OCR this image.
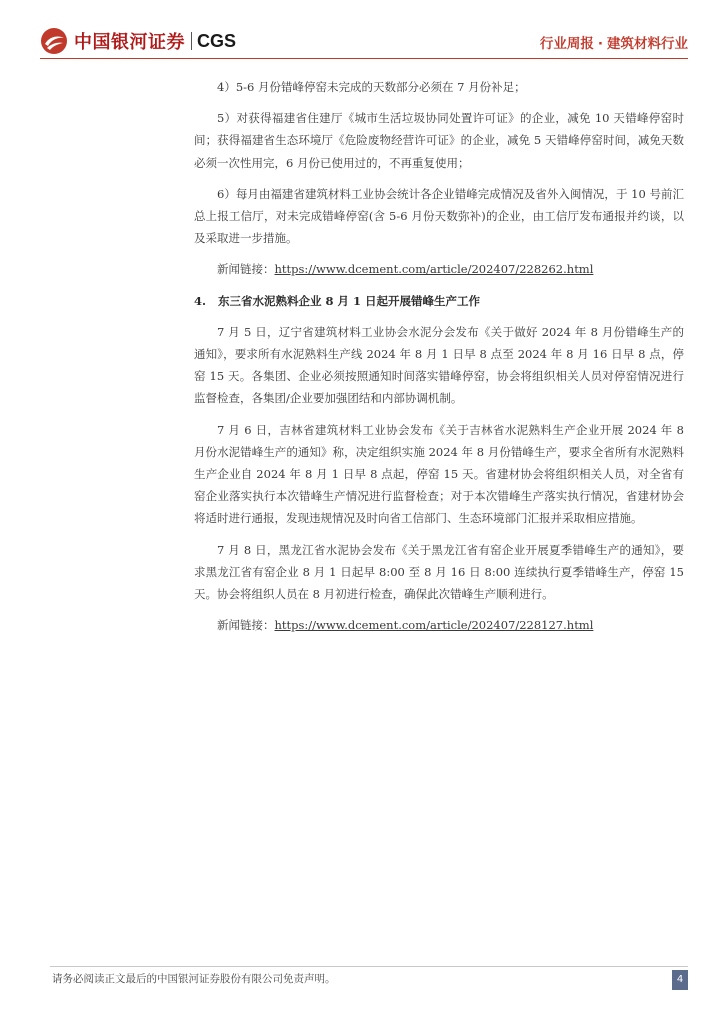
中国银河证券 CGS	行业周报 · 建筑材料行业

4）5-6 月份错峰停窑未完成的天数部分必须在 7 月份补足；

5）对获得福建省住建厅《城市生活垃圾协同处置许可证》的企业，减免 10 天错峰停窑时间；获得福建省生态环境厅《危险废物经营许可证》的企业，减免 5 天错峰停窑时间，减免天数必须一次性用完，6 月份已使用过的，不再重复使用；

6）每月由福建省建筑材料工业协会统计各企业错峰完成情况及省外入闽情况，于 10 号前汇总上报工信厅，对未完成错峰停窑(含 5-6 月份天数弥补)的企业，由工信厅发布通报并约谈，以及采取进一步措施。

新闻链接：https://www.dcement.com/article/202407/228262.html

4. 东三省水泥熟料企业 8 月 1 日起开展错峰生产工作

7 月 5 日，辽宁省建筑材料工业协会水泥分会发布《关于做好 2024 年 8 月份错峰生产的通知》，要求所有水泥熟料生产线 2024 年 8 月 1 日早 8 点至 2024 年 8 月 16 日早 8 点，停窑 15 天。各集团、企业必须按照通知时间落实错峰停窑，协会将组织相关人员对停窑情况进行监督检查，各集团/企业要加强团结和内部协调机制。

7 月 6 日，吉林省建筑材料工业协会发布《关于吉林省水泥熟料生产企业开展 2024 年 8 月份水泥错峰生产的通知》称，决定组织实施 2024 年 8 月份错峰生产，要求全省所有水泥熟料生产企业自 2024 年 8 月 1 日早 8 点起，停窑 15 天。省建材协会将组织相关人员，对全省有窑企业落实执行本次错峰生产情况进行监督检查；对于本次错峰生产落实执行情况，省建材协会将适时进行通报，发现违规情况及时向省工信部门、生态环境部门汇报并采取相应措施。

7 月 8 日，黑龙江省水泥协会发布《关于黑龙江省有窑企业开展夏季错峰生产的通知》，要求黑龙江省有窑企业 8 月 1 日起早 8:00 至 8 月 16 日 8:00 连续执行夏季错峰生产，停窑 15 天。协会将组织人员在 8 月初进行检查，确保此次错峰生产顺利进行。

新闻链接：https://www.dcement.com/article/202407/228127.html

请务必阅读正文最后的中国银河证券股份有限公司免责声明。	4
